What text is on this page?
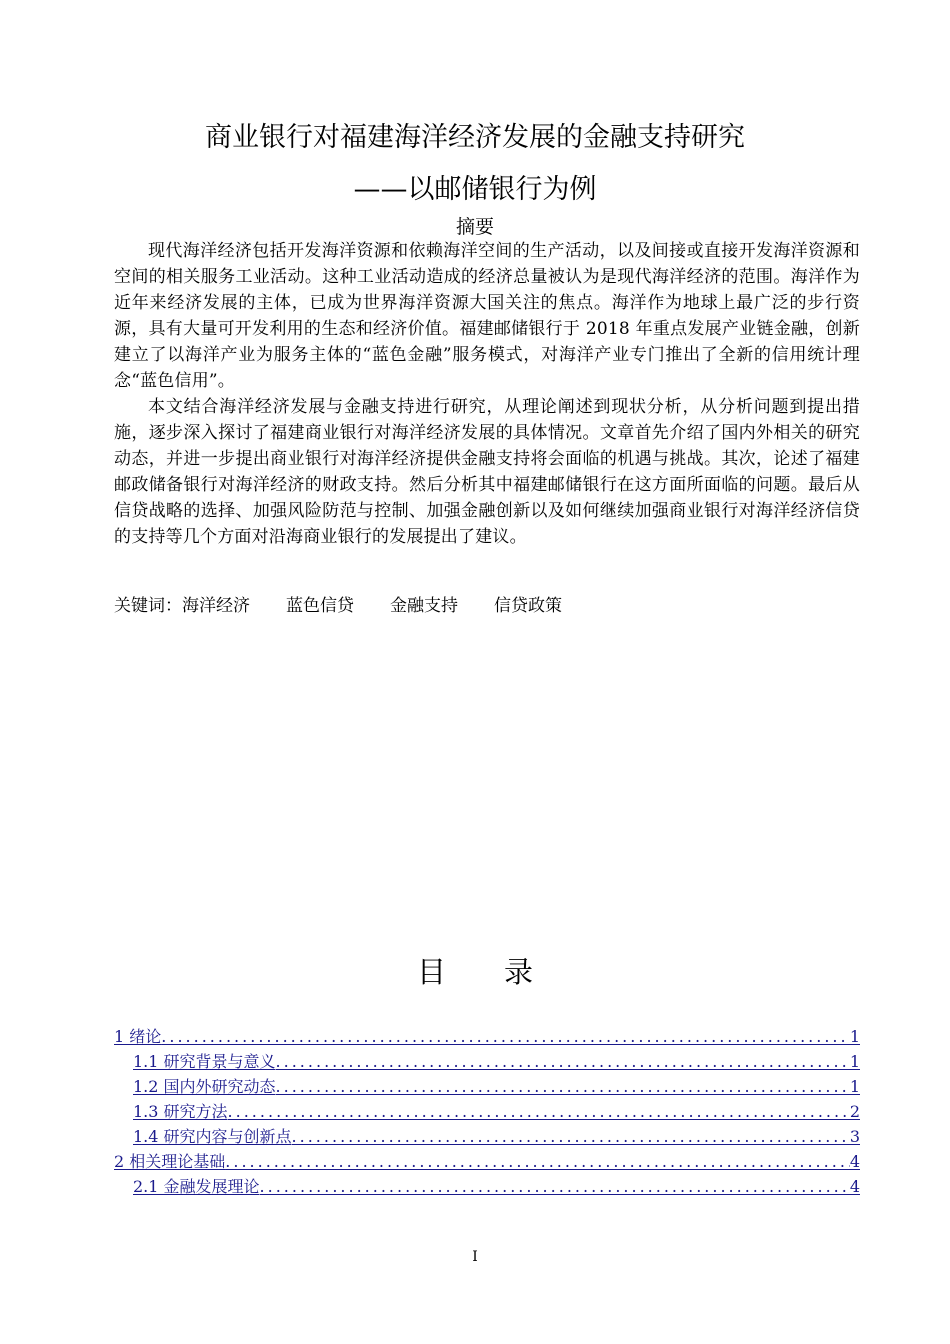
商业银行对福建海洋经济发展的金融支持研究
——以邮储银行为例
摘要

现代海洋经济包括开发海洋资源和依赖海洋空间的生产活动，以及间接或直接开发海洋资源和空间的相关服务工业活动。这种工业活动造成的经济总量被认为是现代海洋经济的范围。海洋作为近年来经济发展的主体，已成为世界海洋资源大国关注的焦点。海洋作为地球上最广泛的步行资源，具有大量可开发利用的生态和经济价值。福建邮储银行于 2018 年重点发展产业链金融，创新建立了以海洋产业为服务主体的“蓝色金融”服务模式，对海洋产业专门推出了全新的信用统计理念“蓝色信用”。

本文结合海洋经济发展与金融支持进行研究，从理论阐述到现状分析，从分析问题到提出措施，逐步深入探讨了福建商业银行对海洋经济发展的具体情况。文章首先介绍了国内外相关的研究动态，并进一步提出商业银行对海洋经济提供金融支持将会面临的机遇与挑战。其次，论述了福建邮政储备银行对海洋经济的财政支持。然后分析其中福建邮储银行在这方面所面临的问题。最后从信贷战略的选择、加强风险防范与控制、加强金融创新以及如何继续加强商业银行对海洋经济信贷的支持等几个方面对沿海商业银行的发展提出了建议。

关键词：海洋经济 蓝色信贷 金融支持 信贷政策
目 录
1 绪论 .....	1
1.1 研究背景与意义 .....	1
1.2 国内外研究动态 .....	1
1.3 研究方法 .....	2
1.4 研究内容与创新点 .....	3
2 相关理论基础 .....	4
2.1 金融发展理论 .....	4
I
